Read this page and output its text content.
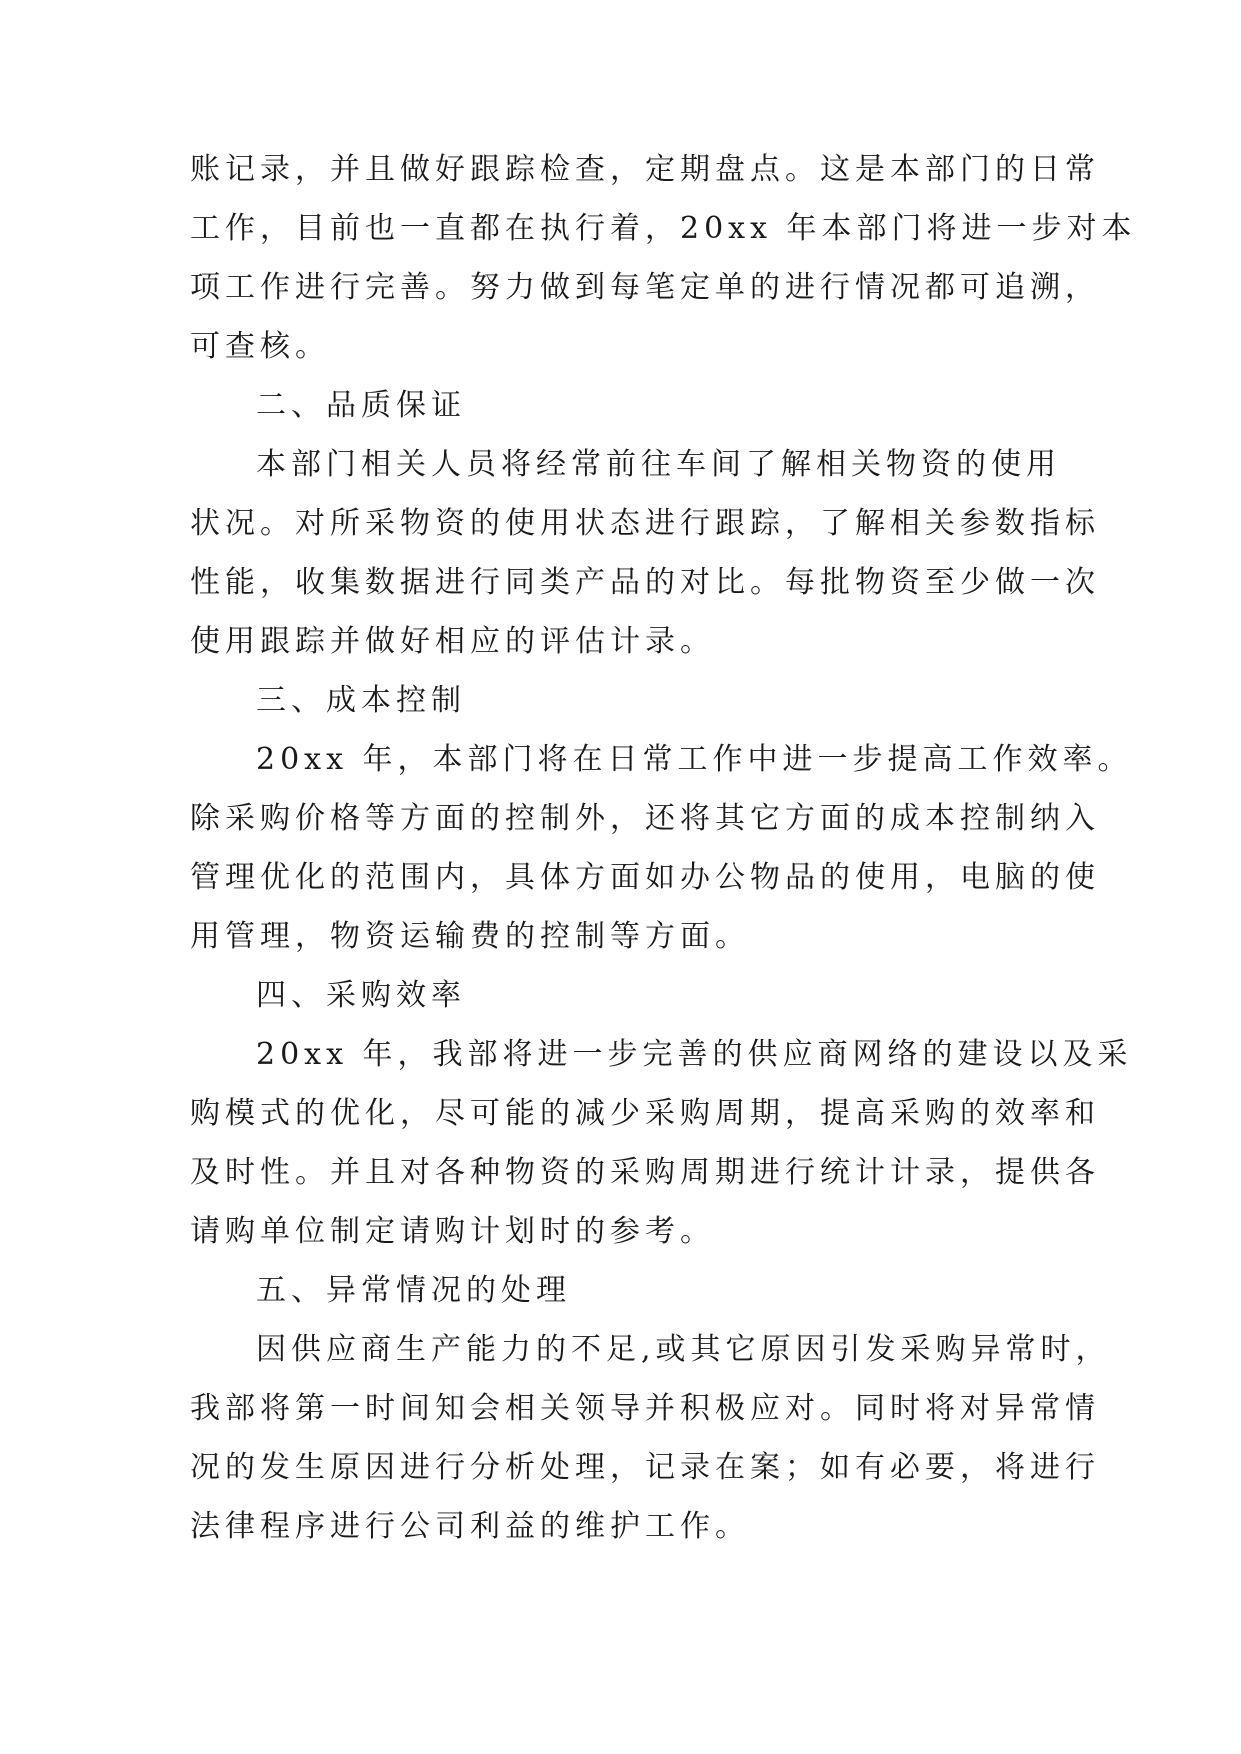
账记录，并且做好跟踪检查，定期盘点。这是本部门的日常
工作，目前也一直都在执行着，20xx 年本部门将进一步对本
项工作进行完善。努力做到每笔定单的进行情况都可追溯，
可查核。
二、品质保证
本部门相关人员将经常前往车间了解相关物资的使用
状况。对所采物资的使用状态进行跟踪，了解相关参数指标
性能，收集数据进行同类产品的对比。每批物资至少做一次
使用跟踪并做好相应的评估计录。
三、成本控制
20xx 年，本部门将在日常工作中进一步提高工作效率。
除采购价格等方面的控制外，还将其它方面的成本控制纳入
管理优化的范围内，具体方面如办公物品的使用，电脑的使
用管理，物资运输费的控制等方面。
四、采购效率
20xx 年，我部将进一步完善的供应商网络的建设以及采
购模式的优化，尽可能的减少采购周期，提高采购的效率和
及时性。并且对各种物资的采购周期进行统计计录，提供各
请购单位制定请购计划时的参考。
五、异常情况的处理
因供应商生产能力的不足,或其它原因引发采购异常时，
我部将第一时间知会相关领导并积极应对。同时将对异常情
况的发生原因进行分析处理，记录在案；如有必要，将进行
法律程序进行公司利益的维护工作。
